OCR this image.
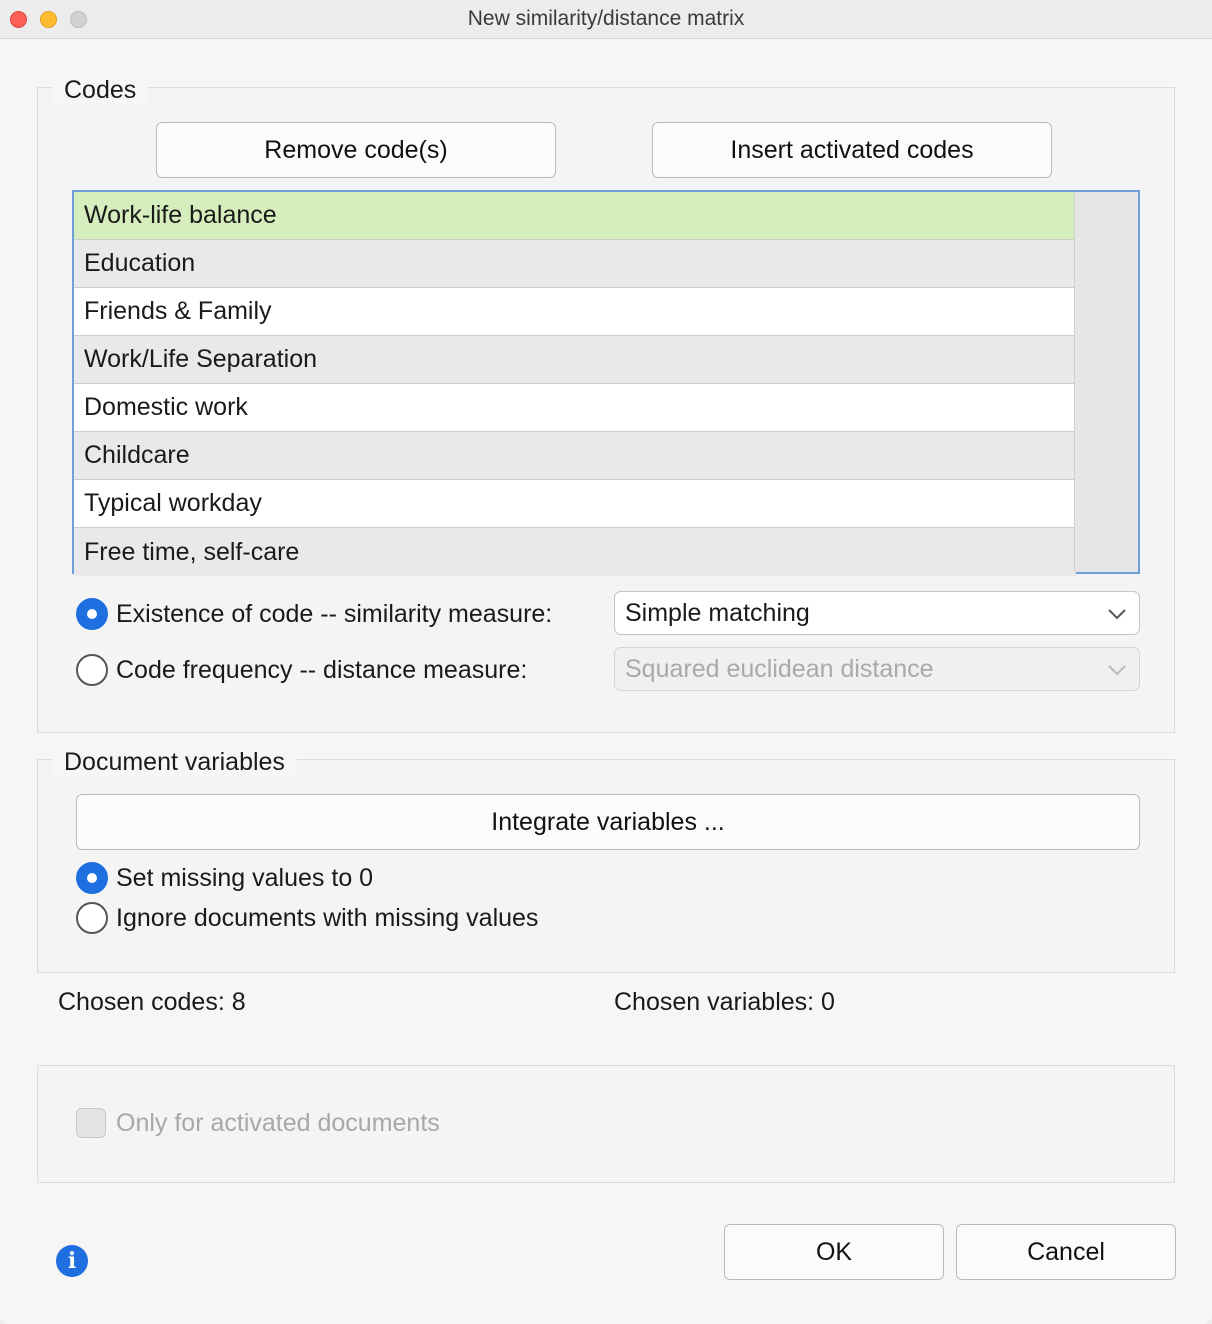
New similarity/distance matrix
Codes
Remove code(s)	Insert activated codes
Work-life balance
Education
Friends & Family
Work/Life Separation
Domestic work
Childcare
Typical workday
Free time, self-care
Existence of code -- similarity measure:	Simple matching
Code frequency -- distance measure:	Squared euclidean distance
Document variables
Integrate variables ...
Set missing values to 0
Ignore documents with missing values
Chosen codes: 8	Chosen variables: 0
Only for activated documents
i	OK	Cancel
